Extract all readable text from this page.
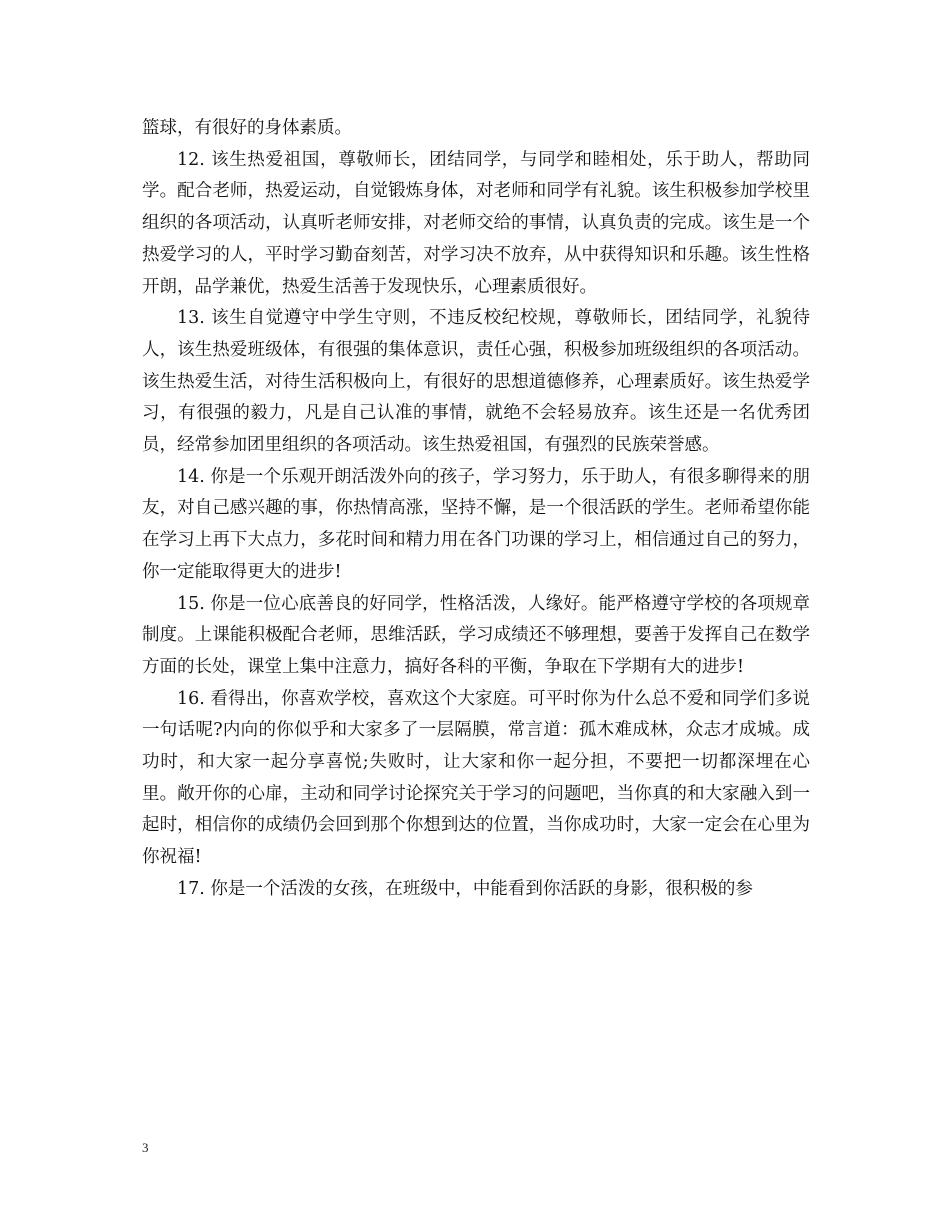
篮球，有很好的身体素质。

12. 该生热爱祖国，尊敬师长，团结同学，与同学和睦相处，乐于助人，帮助同学。配合老师，热爱运动，自觉锻炼身体，对老师和同学有礼貌。该生积极参加学校里组织的各项活动，认真听老师安排，对老师交给的事情，认真负责的完成。该生是一个热爱学习的人，平时学习勤奋刻苦，对学习决不放弃，从中获得知识和乐趣。该生性格开朗，品学兼优，热爱生活善于发现快乐，心理素质很好。

13. 该生自觉遵守中学生守则，不违反校纪校规，尊敬师长，团结同学，礼貌待人，该生热爱班级体，有很强的集体意识，责任心强，积极参加班级组织的各项活动。该生热爱生活，对待生活积极向上，有很好的思想道德修养，心理素质好。该生热爱学习，有很强的毅力，凡是自己认准的事情，就绝不会轻易放弃。该生还是一名优秀团员，经常参加团里组织的各项活动。该生热爱祖国，有强烈的民族荣誉感。

14. 你是一个乐观开朗活泼外向的孩子，学习努力，乐于助人，有很多聊得来的朋友，对自己感兴趣的事，你热情高涨，坚持不懈，是一个很活跃的学生。老师希望你能在学习上再下大点力，多花时间和精力用在各门功课的学习上，相信通过自己的努力，你一定能取得更大的进步!

15. 你是一位心底善良的好同学，性格活泼，人缘好。能严格遵守学校的各项规章制度。上课能积极配合老师，思维活跃，学习成绩还不够理想，要善于发挥自己在数学方面的长处，课堂上集中注意力，搞好各科的平衡，争取在下学期有大的进步!

16. 看得出，你喜欢学校，喜欢这个大家庭。可平时你为什么总不爱和同学们多说一句话呢?内向的你似乎和大家多了一层隔膜，常言道：孤木难成林，众志才成城。成功时，和大家一起分享喜悦;失败时，让大家和你一起分担，不要把一切都深埋在心里。敞开你的心扉，主动和同学讨论探究关于学习的问题吧，当你真的和大家融入到一起时，相信你的成绩仍会回到那个你想到达的位置，当你成功时，大家一定会在心里为你祝福!

17. 你是一个活泼的女孩，在班级中，中能看到你活跃的身影，很积极的参

3
